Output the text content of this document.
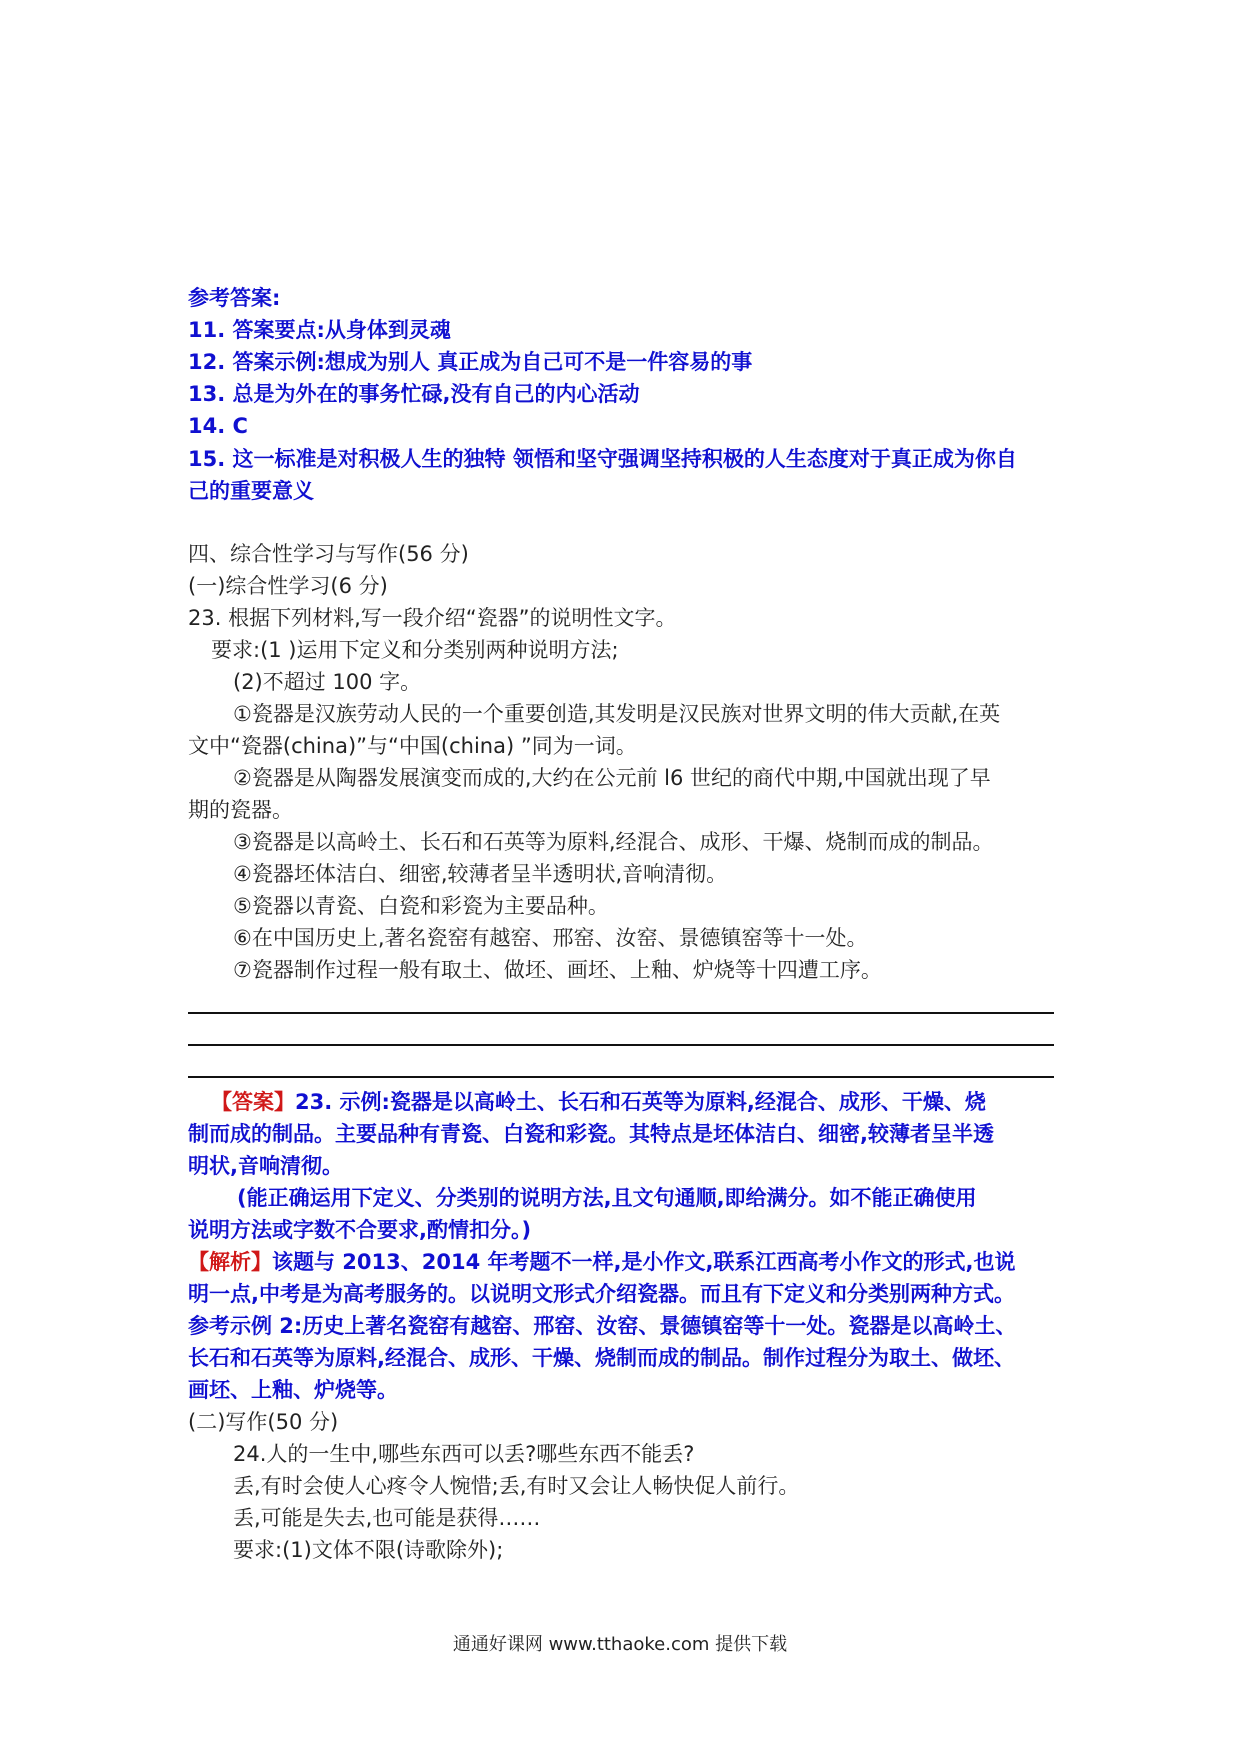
参考答案:
11. 答案要点:从身体到灵魂
12. 答案示例:想成为别人 真正成为自己可不是一件容易的事
13. 总是为外在的事务忙碌,没有自己的内心活动
14. C
15. 这一标准是对积极人生的独特 领悟和坚守强调坚持积极的人生态度对于真正成为你自
己的重要意义
四、综合性学习与写作(56 分)
(一)综合性学习(6 分)
23. 根据下列材料,写一段介绍“瓷器”的说明性文字。
要求:(1 )运用下定义和分类别两种说明方法;
(2)不超过 100 字。
①瓷器是汉族劳动人民的一个重要创造,其发明是汉民族对世界文明的伟大贡献,在英
文中“瓷器(china)”与“中国(china) ”同为一词。
②瓷器是从陶器发展演变而成的,大约在公元前 l6 世纪的商代中期,中国就出现了早
期的瓷器。
③瓷器是以高岭土、长石和石英等为原料,经混合、成形、干爆、烧制而成的制品。
④瓷器坯体洁白、细密,较薄者呈半透明状,音响清彻。
⑤瓷器以青瓷、白瓷和彩瓷为主要品种。
⑥在中国历史上,著名瓷窑有越窑、邢窑、汝窑、景德镇窑等十一处。
⑦瓷器制作过程一般有取土、做坯、画坯、上釉、炉烧等十四遭工序。
【答案】23. 示例:瓷器是以高岭土、长石和石英等为原料,经混合、成形、干燥、烧
制而成的制品。主要品种有青瓷、白瓷和彩瓷。其特点是坯体洁白、细密,较薄者呈半透
明状,音响清彻。
(能正确运用下定义、分类别的说明方法,且文句通顺,即给满分。如不能正确使用
说明方法或字数不合要求,酌情扣分。)
【解析】该题与 2013、2014 年考题不一样,是小作文,联系江西高考小作文的形式,也说
明一点,中考是为高考服务的。以说明文形式介绍瓷器。而且有下定义和分类别两种方式。
参考示例 2:历史上著名瓷窑有越窑、邢窑、汝窑、景德镇窑等十一处。瓷器是以高岭土、
长石和石英等为原料,经混合、成形、干燥、烧制而成的制品。制作过程分为取土、做坯、
画坯、上釉、炉烧等。
(二)写作(50 分)
24.人的一生中,哪些东西可以丢?哪些东西不能丢?
丢,有时会使人心疼令人惋惜;丢,有时又会让人畅快促人前行。
丢,可能是失去,也可能是获得……
要求:(1)文体不限(诗歌除外);
通通好课网 www.tthaoke.com 提供下载
